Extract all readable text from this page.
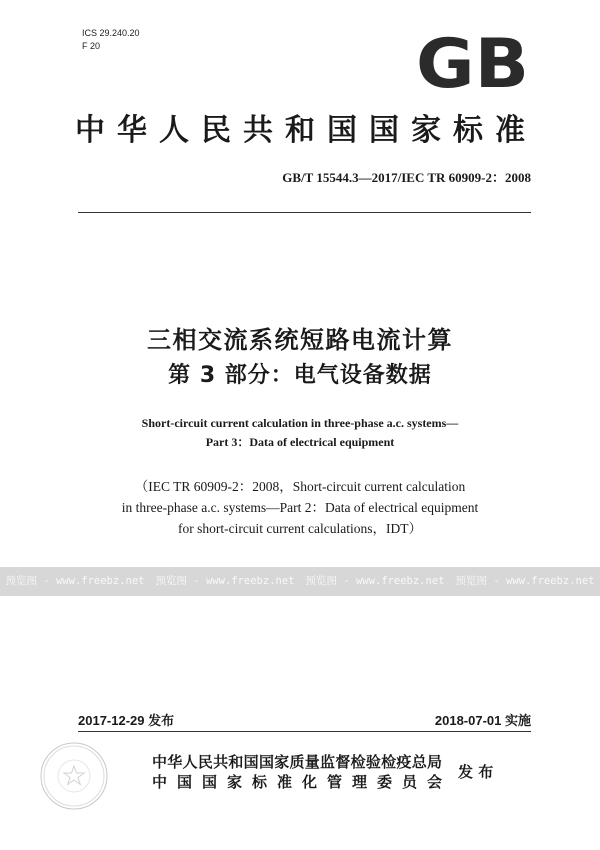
ICS 29.240.20
F 20	GB
中华人民共和国国家标准
GB/T 15544.3—2017/IEC TR 60909-2：2008
三相交流系统短路电流计算
第 3 部分：电气设备数据
Short-circuit current calculation in three-phase a.c. systems—
Part 3：Data of electrical equipment
（IEC TR 60909-2：2008，Short-circuit current calculation
in three-phase a.c. systems—Part 2：Data of electrical equipment
for short-circuit current calculations，IDT）
预览图 - www.freebz.net 预览图 - www.freebz.net 预览图 - www.freebz.net 预览图 - www.freebz.net
2017-12-29 发布	2018-07-01 实施
中华人民共和国国家质量监督检验检疫总局
中 国 国 家 标 准 化 管 理 委 员 会
发 布
